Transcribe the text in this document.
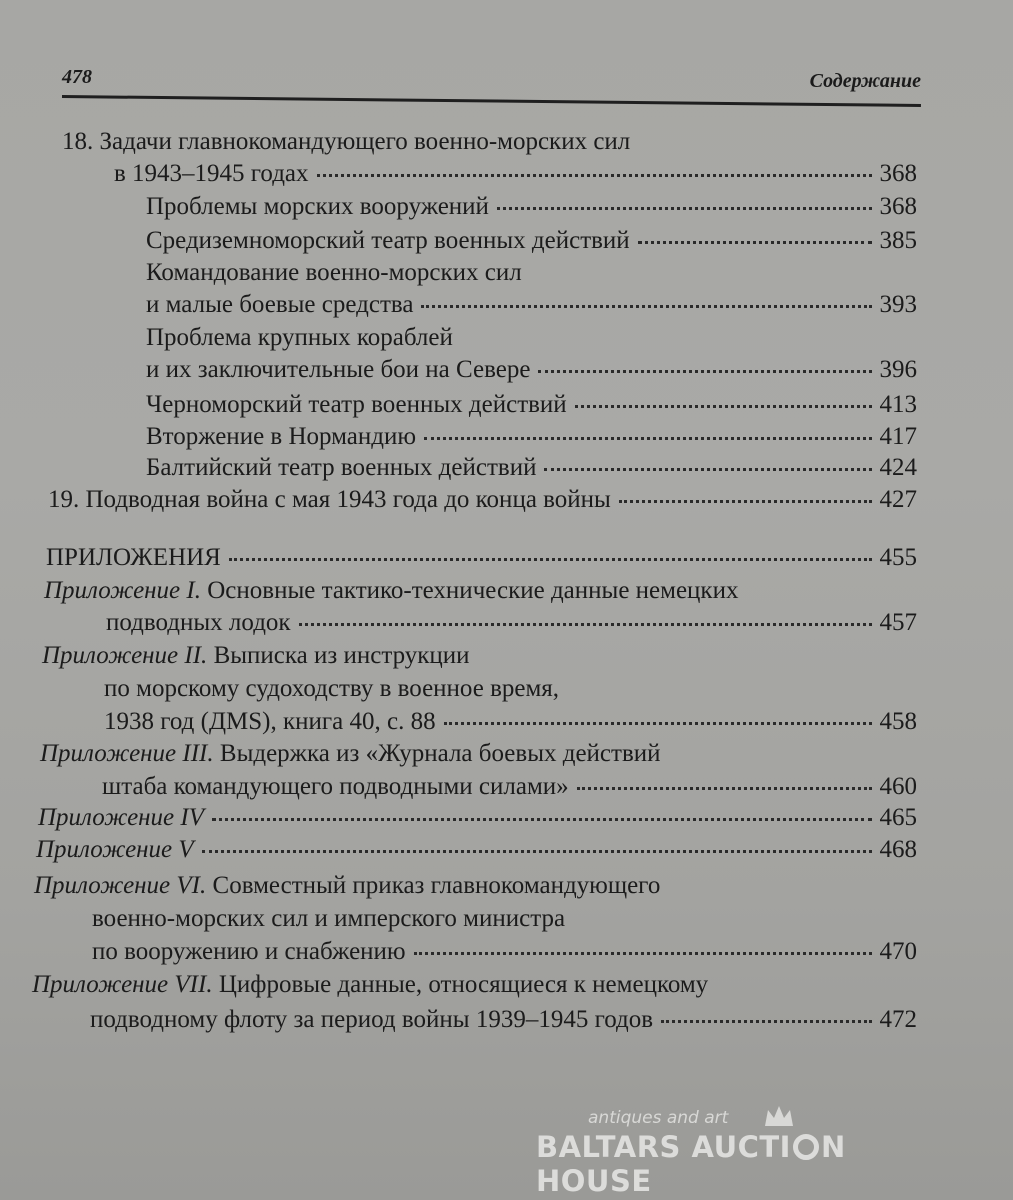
478	Содержание
18. Задачи главнокомандующего военно-морских сил
в 1943–1945 годах	368
Проблемы морских вооружений	368
Средиземноморский театр военных действий	385
Командование военно-морских сил
и малые боевые средства	393
Проблема крупных кораблей
и их заключительные бои на Севере	396
Черноморский театр военных действий	413
Вторжение в Нормандию	417
Балтийский театр военных действий	424
19. Подводная война с мая 1943 года до конца войны	427
ПРИЛОЖЕНИЯ	455
Приложение I. Основные тактико-технические данные немецких
подводных лодок	457
Приложение II. Выписка из инструкции
по морскому судоходству в военное время,
1938 год (ДМS), книга 40, с. 88	458
Приложение III. Выдержка из «Журнала боевых действий
штаба командующего подводными силами»	460
Приложение IV	465
Приложение V	468
Приложение VI. Совместный приказ главнокомандующего
военно-морских сил и имперского министра
по вооружению и снабжению	470
Приложение VII. Цифровые данные, относящиеся к немецкому
подводному флоту за период войны 1939–1945 годов	472
antiques and art
BALTARS AUCTI N HOUSE
